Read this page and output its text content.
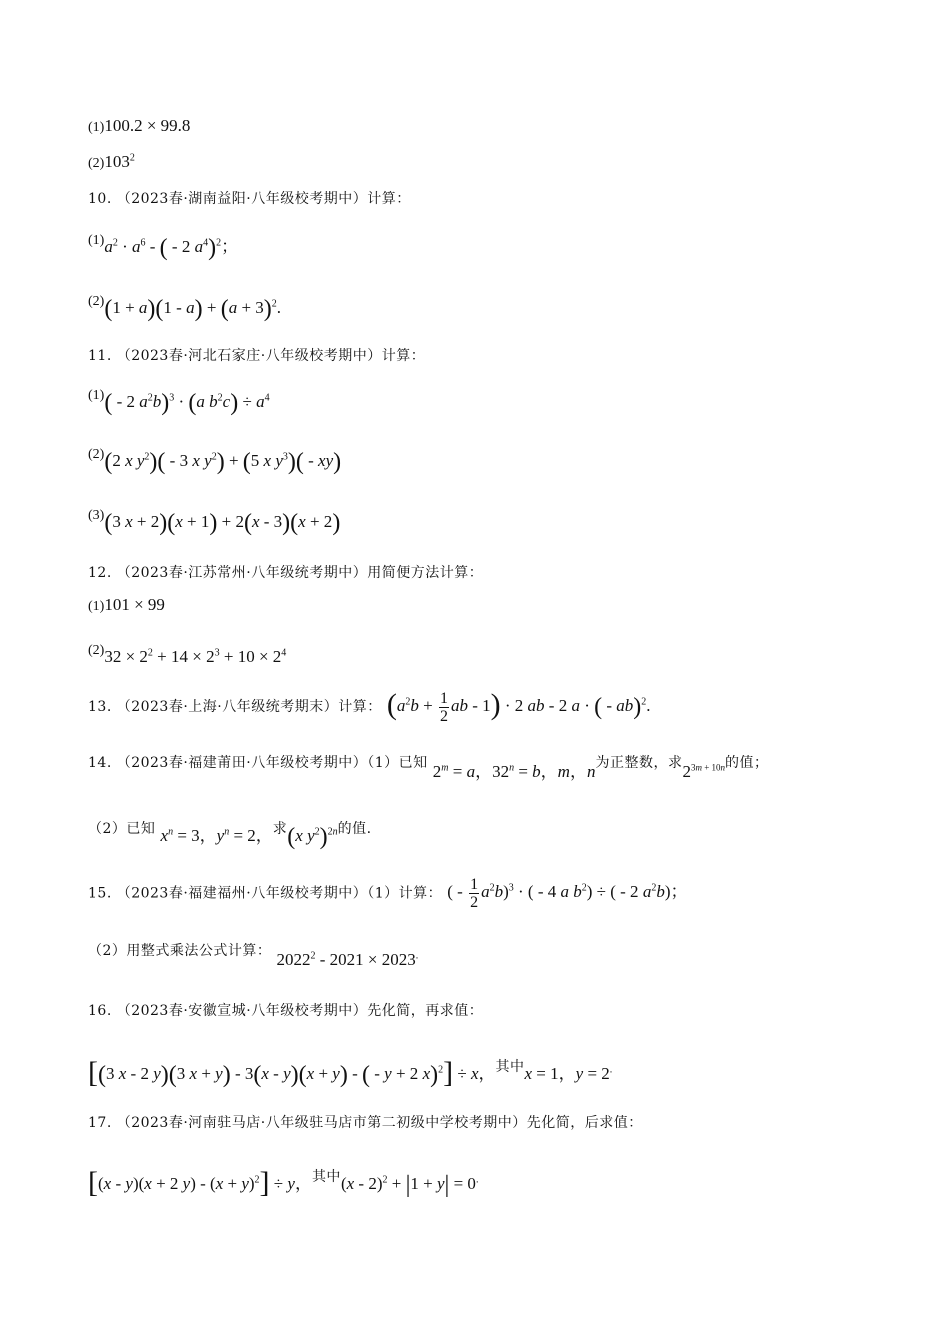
(1)100.2 × 99.8
$(2)103^2$
10. （2023春·湖南益阳·八年级校考期中）计算：
$^{(1)}a^2 \cdot a^6$ - ( - 2 $a^4)^2$；
$^{(2)}(1 + a)(1 - a) + (a + 3)^2$.
11. （2023春·河北石家庄·八年级校考期中）计算：
$^{(1)}$( - 2 $a^2b)^3 \cdot (a$ $b^2c) \div a^4$
$^{(2)}$(2 x $y^2)( - 3$ x $y^2) + (5$ x $y^3)( - xy)$
$^{(3)}$(3 x + 2)(x + 1) + 2(x - 3)(x + 2)
12. （2023春·江苏常州·八年级统考期中）用简便方法计算：
(1)101 × 99
$^{(2)}32 \times 2^2 + 14 \times 2^3 + 10 \times 2^4$
13. （2023春·上海·八年级统考期末）计算： ($a^2b + \frac{1}{2}$ ab - 1) · 2 ab - 2 a · ( - ab)$^2$.
14. （2023春·福建莆田·八年级校考期中）（1）已知 $2^m = a$，$32^n = b$，m，n为正整数，求$2^{3m + 10n}$的值；
（2）已知 $x^n = 3$，$y^n = 2$，求(x $y^2)^{2n}$的值.
15. （2023春·福建福州·八年级校考期中）（1）计算： ( - $\frac{1}{2} a^2b)^3$ · ( - 4 a $b^2$) ÷ ( - 2 $a^2b$)；
（2）用整式乘法公式计算： 2022$^2$ - 2021 × 2023.
16. （2023春·安徽宣城·八年级校考期中）先化简，再求值：
[(3 x - 2 y)(3 x + y) - 3(x - y)(x + y) - ( - y + 2 x)$^2$] ÷ x，$^{其中}$x = 1，y = 2.
17. （2023春·河南驻马店·八年级驻马店市第二初级中学校考期中）先化简，后求值：
[(x - y)(x + 2 $y) - (x + y)^2] \div y$，$^{其中}$(x - 2)$^2$ + |1 + y| = 0.
